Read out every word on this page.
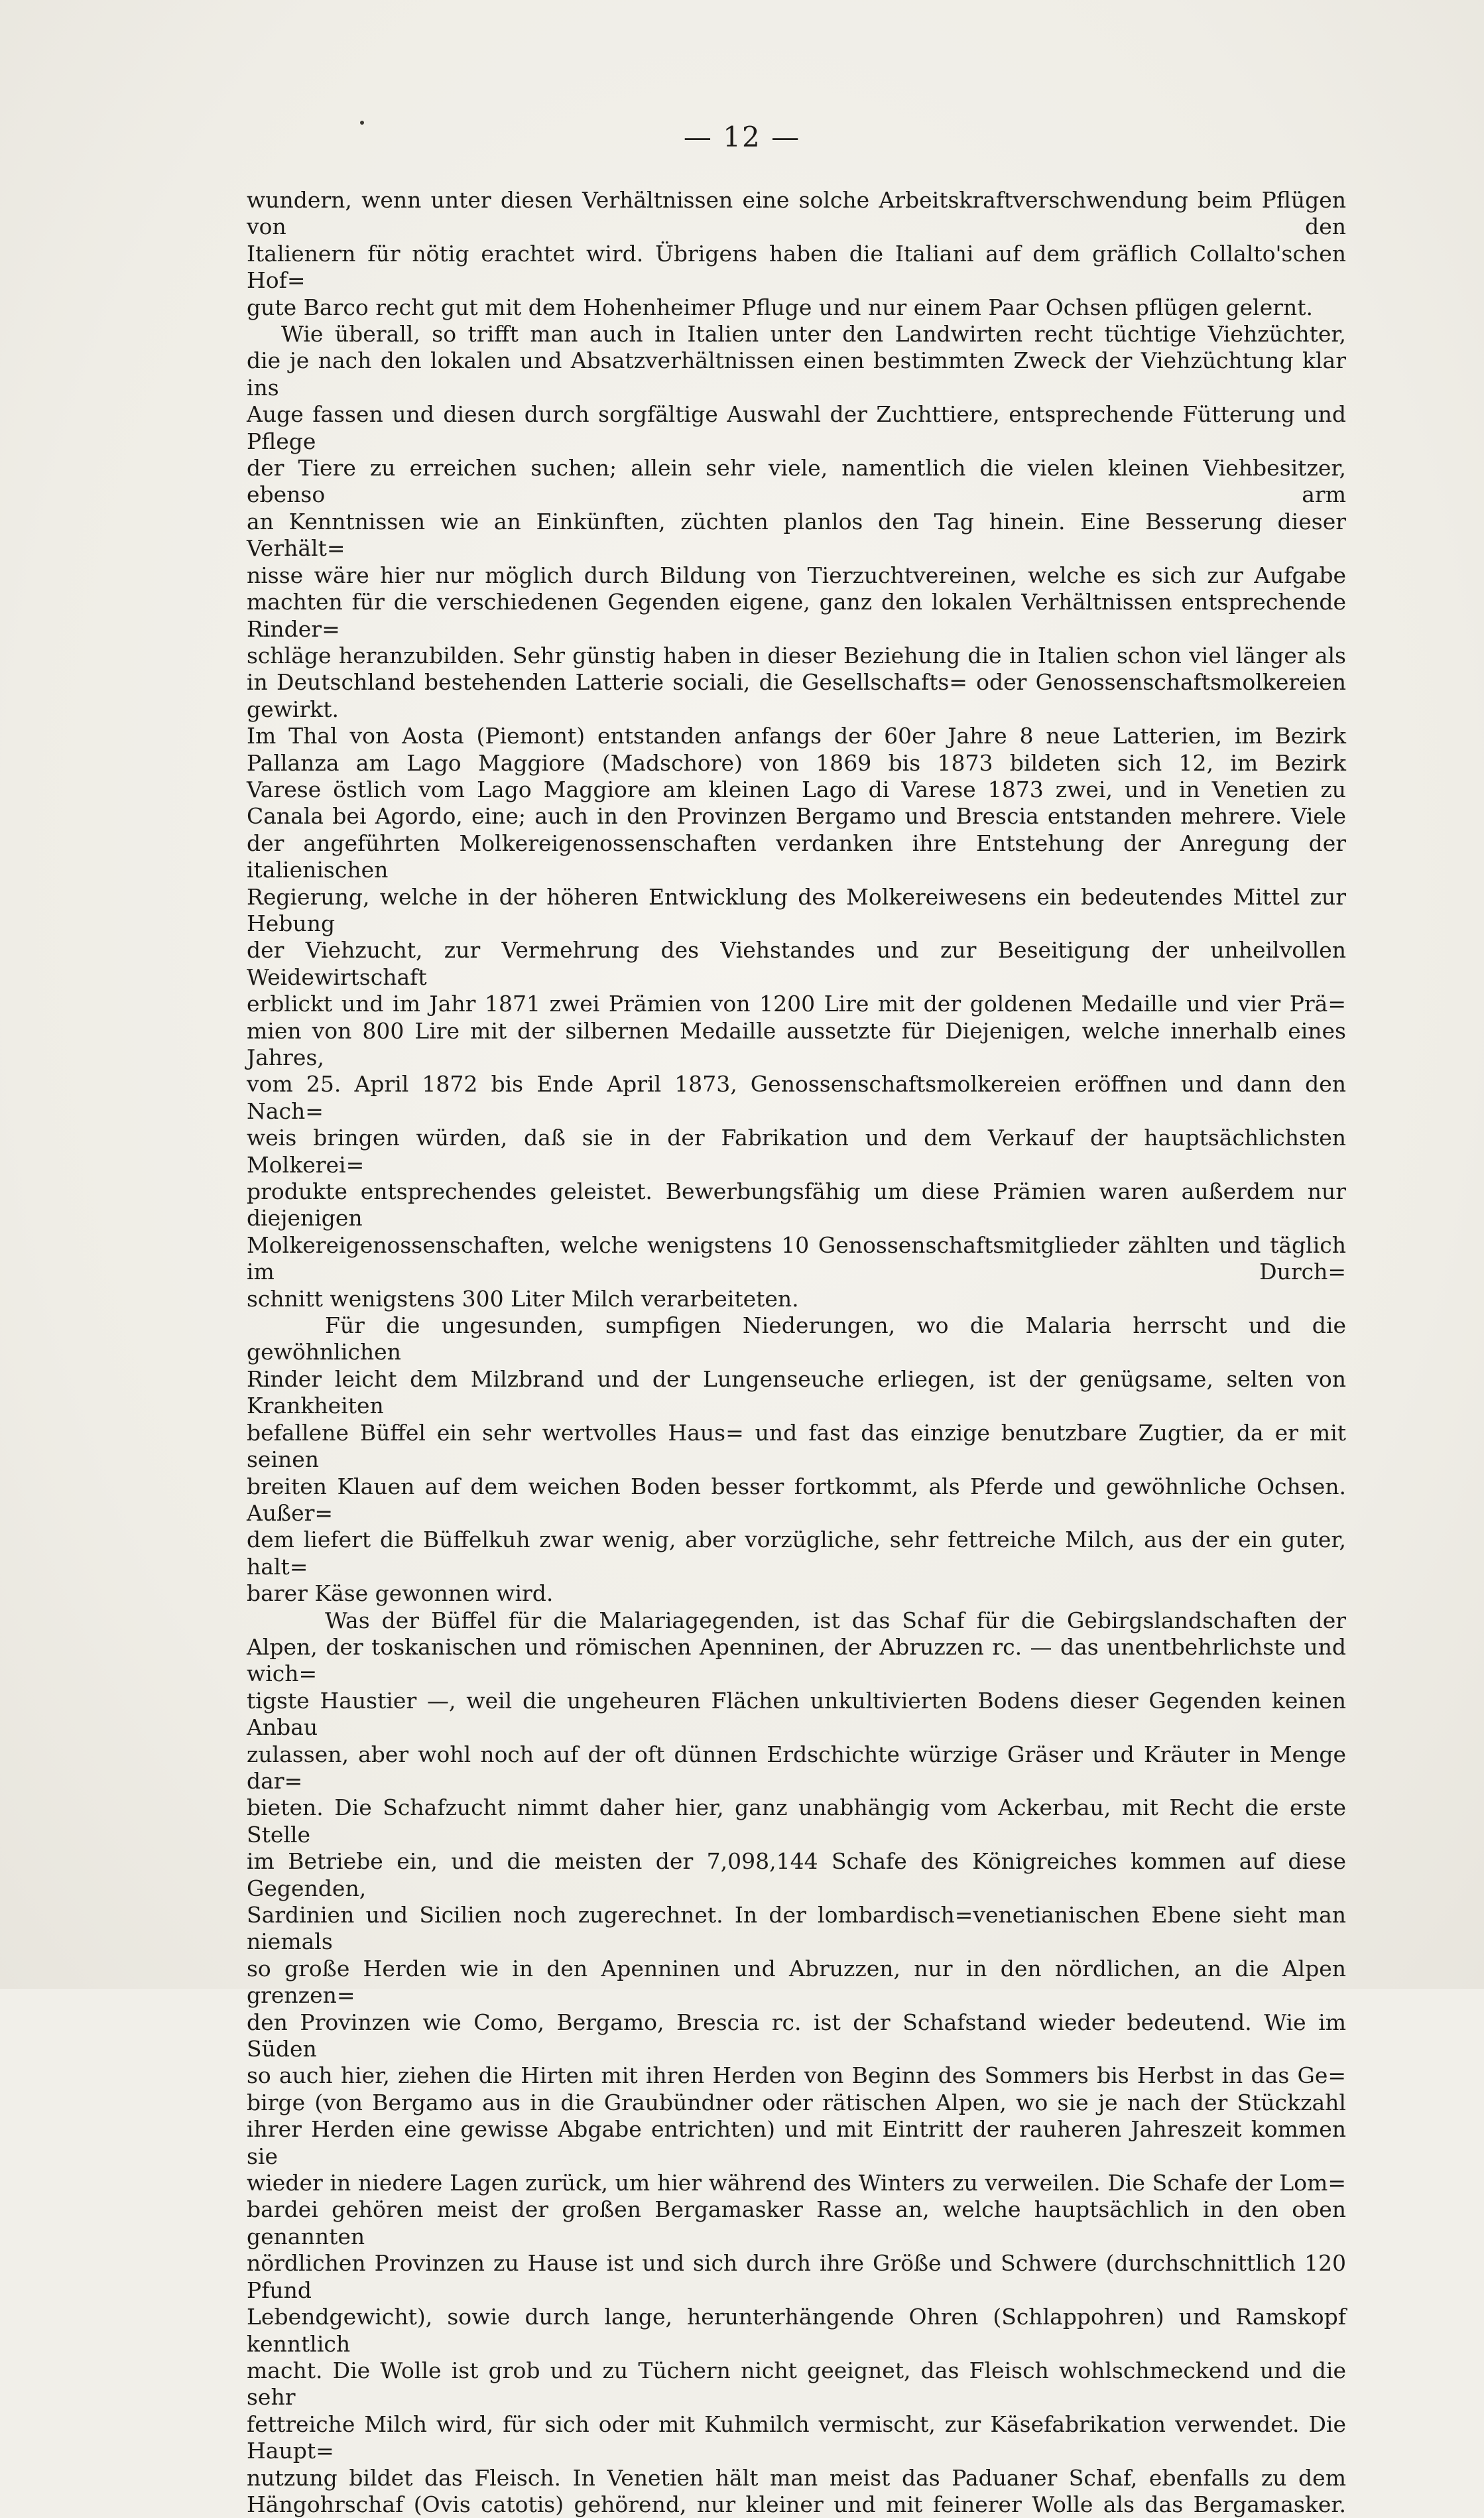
— 12 —

wundern, wenn unter diesen Verhältnissen eine solche Arbeitskraftverschwendung beim Pflügen von den

Italienern für nötig erachtet wird. Übrigens haben die Italiani auf dem gräflich Collalto'schen Hof=

gute Barco recht gut mit dem Hohenheimer Pfluge und nur einem Paar Ochsen pflügen gelernt.

Wie überall, so trifft man auch in Italien unter den Landwirten recht tüchtige Viehzüchter,

die je nach den lokalen und Absatzverhältnissen einen bestimmten Zweck der Viehzüchtung klar ins

Auge fassen und diesen durch sorgfältige Auswahl der Zuchttiere, entsprechende Fütterung und Pflege

der Tiere zu erreichen suchen; allein sehr viele, namentlich die vielen kleinen Viehbesitzer, ebenso arm

an Kenntnissen wie an Einkünften, züchten planlos den Tag hinein. Eine Besserung dieser Verhält=

nisse wäre hier nur möglich durch Bildung von Tierzuchtvereinen, welche es sich zur Aufgabe

machten für die verschiedenen Gegenden eigene, ganz den lokalen Verhältnissen entsprechende Rinder=

schläge heranzubilden. Sehr günstig haben in dieser Beziehung die in Italien schon viel länger als

in Deutschland bestehenden Latterie sociali, die Gesellschafts= oder Genossenschaftsmolkereien gewirkt.

Im Thal von Aosta (Piemont) entstanden anfangs der 60er Jahre 8 neue Latterien, im Bezirk

Pallanza am Lago Maggiore (Madschore) von 1869 bis 1873 bildeten sich 12, im Bezirk

Varese östlich vom Lago Maggiore am kleinen Lago di Varese 1873 zwei, und in Venetien zu

Canala bei Agordo, eine; auch in den Provinzen Bergamo und Brescia entstanden mehrere. Viele

der angeführten Molkereigenossenschaften verdanken ihre Entstehung der Anregung der italienischen

Regierung, welche in der höheren Entwicklung des Molkereiwesens ein bedeutendes Mittel zur Hebung

der Viehzucht, zur Vermehrung des Viehstandes und zur Beseitigung der unheilvollen Weidewirtschaft

erblickt und im Jahr 1871 zwei Prämien von 1200 Lire mit der goldenen Medaille und vier Prä=

mien von 800 Lire mit der silbernen Medaille aussetzte für Diejenigen, welche innerhalb eines Jahres,

vom 25. April 1872 bis Ende April 1873, Genossenschaftsmolkereien eröffnen und dann den Nach=

weis bringen würden, daß sie in der Fabrikation und dem Verkauf der hauptsächlichsten Molkerei=

produkte entsprechendes geleistet. Bewerbungsfähig um diese Prämien waren außerdem nur diejenigen

Molkereigenossenschaften, welche wenigstens 10 Genossenschaftsmitglieder zählten und täglich im Durch=

schnitt wenigstens 300 Liter Milch verarbeiteten.

Für die ungesunden, sumpfigen Niederungen, wo die Malaria herrscht und die gewöhnlichen

Rinder leicht dem Milzbrand und der Lungenseuche erliegen, ist der genügsame, selten von Krankheiten

befallene Büffel ein sehr wertvolles Haus= und fast das einzige benutzbare Zugtier, da er mit seinen

breiten Klauen auf dem weichen Boden besser fortkommt, als Pferde und gewöhnliche Ochsen. Außer=

dem liefert die Büffelkuh zwar wenig, aber vorzügliche, sehr fettreiche Milch, aus der ein guter, halt=

barer Käse gewonnen wird.

Was der Büffel für die Malariagegenden, ist das Schaf für die Gebirgslandschaften der

Alpen, der toskanischen und römischen Apenninen, der Abruzzen rc. — das unentbehrlichste und wich=

tigste Haustier —, weil die ungeheuren Flächen unkultivierten Bodens dieser Gegenden keinen Anbau

zulassen, aber wohl noch auf der oft dünnen Erdschichte würzige Gräser und Kräuter in Menge dar=

bieten. Die Schafzucht nimmt daher hier, ganz unabhängig vom Ackerbau, mit Recht die erste Stelle

im Betriebe ein, und die meisten der 7,098,144 Schafe des Königreiches kommen auf diese Gegenden,

Sardinien und Sicilien noch zugerechnet. In der lombardisch=venetianischen Ebene sieht man niemals

so große Herden wie in den Apenninen und Abruzzen, nur in den nördlichen, an die Alpen grenzen=

den Provinzen wie Como, Bergamo, Brescia rc. ist der Schafstand wieder bedeutend. Wie im Süden

so auch hier, ziehen die Hirten mit ihren Herden von Beginn des Sommers bis Herbst in das Ge=

birge (von Bergamo aus in die Graubündner oder rätischen Alpen, wo sie je nach der Stückzahl

ihrer Herden eine gewisse Abgabe entrichten) und mit Eintritt der rauheren Jahreszeit kommen sie

wieder in niedere Lagen zurück, um hier während des Winters zu verweilen. Die Schafe der Lom=

bardei gehören meist der großen Bergamasker Rasse an, welche hauptsächlich in den oben genannten

nördlichen Provinzen zu Hause ist und sich durch ihre Größe und Schwere (durchschnittlich 120 Pfund

Lebendgewicht), sowie durch lange, herunterhängende Ohren (Schlappohren) und Ramskopf kenntlich

macht. Die Wolle ist grob und zu Tüchern nicht geeignet, das Fleisch wohlschmeckend und die sehr

fettreiche Milch wird, für sich oder mit Kuhmilch vermischt, zur Käsefabrikation verwendet. Die Haupt=

nutzung bildet das Fleisch. In Venetien hält man meist das Paduaner Schaf, ebenfalls zu dem

Hängohrschaf (Ovis catotis) gehörend, nur kleiner und mit feinerer Wolle als das Bergamasker.
